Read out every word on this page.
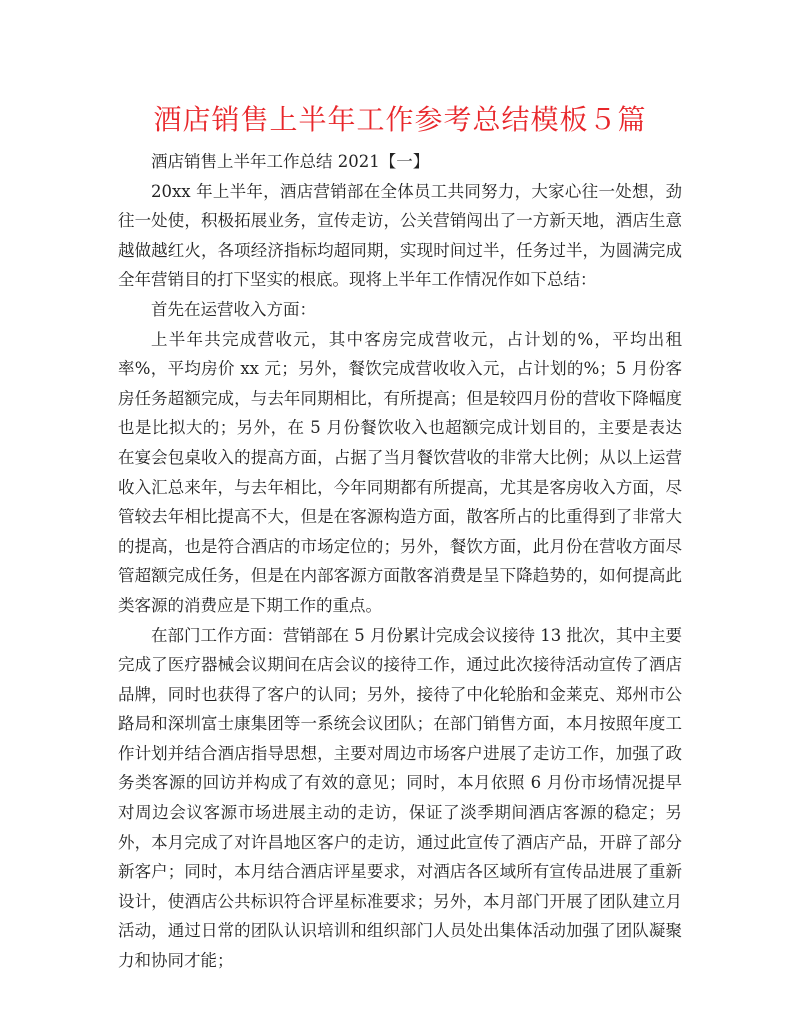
酒店销售上半年工作参考总结模板５篇

酒店销售上半年工作总结 2021【一】

20xx 年上半年，酒店营销部在全体员工共同努力，大家心往一处想，劲往一处使，积极拓展业务，宣传走访，公关营销闯出了一方新天地，酒店生意越做越红火，各项经济指标均超同期，实现时间过半，任务过半，为圆满完成全年营销目的打下坚实的根底。现将上半年工作情况作如下总结：

首先在运营收入方面：

上半年共完成营收元，其中客房完成营收元，占计划的%，平均出租率%，平均房价 xx 元；另外，餐饮完成营收收入元，占计划的%；5 月份客房任务超额完成，与去年同期相比，有所提高；但是较四月份的营收下降幅度也是比拟大的；另外，在 5 月份餐饮收入也超额完成计划目的，主要是表达在宴会包桌收入的提高方面，占据了当月餐饮营收的非常大比例；从以上运营收入汇总来年，与去年相比，今年同期都有所提高，尤其是客房收入方面，尽管较去年相比提高不大，但是在客源构造方面，散客所占的比重得到了非常大的提高，也是符合酒店的市场定位的；另外，餐饮方面，此月份在营收方面尽管超额完成任务，但是在内部客源方面散客消费是呈下降趋势的，如何提高此类客源的消费应是下期工作的重点。

在部门工作方面：营销部在 5 月份累计完成会议接待 13 批次，其中主要完成了医疗器械会议期间在店会议的接待工作，通过此次接待活动宣传了酒店品牌，同时也获得了客户的认同；另外，接待了中化轮胎和金莱克、郑州市公路局和深圳富士康集团等一系统会议团队；在部门销售方面，本月按照年度工作计划并结合酒店指导思想，主要对周边市场客户进展了走访工作，加强了政务类客源的回访并构成了有效的意见；同时，本月依照 6 月份市场情况提早对周边会议客源市场进展主动的走访，保证了淡季期间酒店客源的稳定；另外，本月完成了对许昌地区客户的走访，通过此宣传了酒店产品，开辟了部分新客户；同时，本月结合酒店评星要求，对酒店各区域所有宣传品进展了重新设计，使酒店公共标识符合评星标准要求；另外，本月部门开展了团队建立月活动，通过日常的团队认识培训和组织部门人员处出集体活动加强了团队凝聚力和协同才能；
